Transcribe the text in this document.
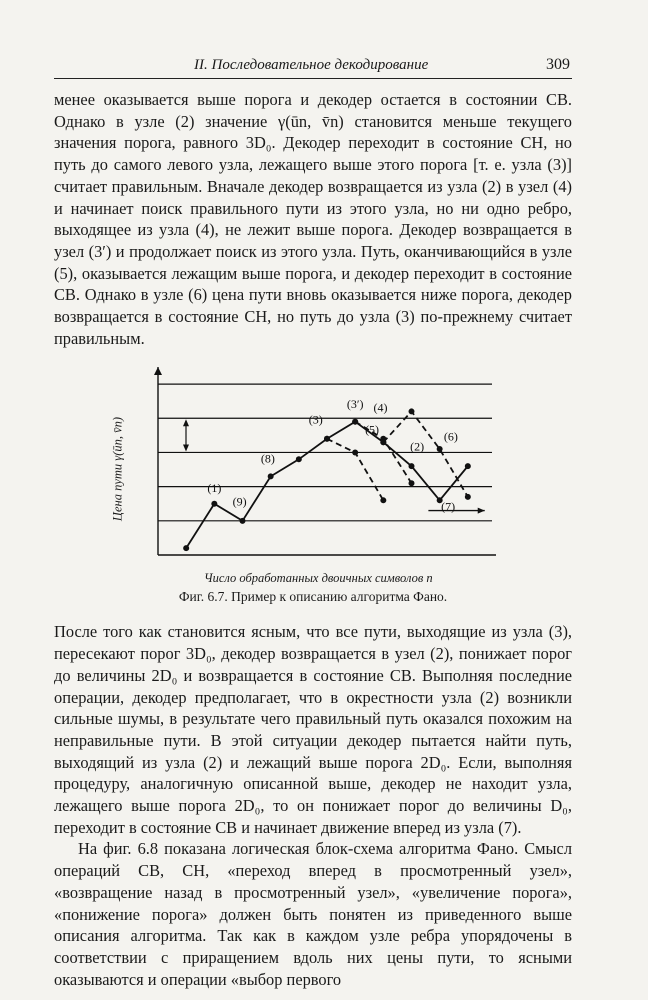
II. Последовательное декодирование	309

менее оказывается выше порога и декодер остается в состоянии СВ. Однако в узле (2) значение γ(ūn, v̄n) становится меньше текущего значения порога, равного 3D₀. Декодер переходит в состояние СН, но путь до самого левого узла, лежащего выше этого порога [т. е. узла (3)] считает правильным. Вначале декодер возвращается из узла (2) в узел (4) и начинает поиск правильного пути из этого узла, но ни одно ребро, выходящее из узла (4), не лежит выше порога. Декодер возвращается в узел (3′) и продолжает поиск из этого узла. Путь, оканчивающийся в узле (5), оказывается лежащим выше порога, и декодер переходит в состояние СВ. Однако в узле (6) цена пути вновь оказывается ниже порога, декодер возвращается в состояние СН, но путь до узла (3) по-прежнему считает правильным.

Цена пути γ(ūn, v̄n)	(1)
(9)
(8)
(3)
(3′) (4)
(5)
(2)
(6)
(7)
Число обработанных двоичных символов n
Фиг. 6.7. Пример к описанию алгоритма Фано.

После того как становится ясным, что все пути, выходящие из узла (3), пересекают порог 3D₀, декодер возвращается в узел (2), понижает порог до величины 2D₀ и возвращается в состояние СВ. Выполняя последние операции, декодер предполагает, что в окрестности узла (2) возникли сильные шумы, в результате чего правильный путь оказался похожим на неправильные пути. В этой ситуации декодер пытается найти путь, выходящий из узла (2) и лежащий выше порога 2D₀. Если, выполняя процедуру, аналогичную описанной выше, декодер не находит узла, лежащего выше порога 2D₀, то он понижает порог до величины D₀, переходит в состояние СВ и начинает движение вперед из узла (7).

На фиг. 6.8 показана логическая блок-схема алгоритма Фано. Смысл операций СВ, СН, «переход вперед в просмотренный узел», «возвращение назад в просмотренный узел», «увеличение порога», «понижение порога» должен быть понятен из приведенного выше описания алгоритма. Так как в каждом узле ребра упорядочены в соответствии с приращением вдоль них цены пути, то ясными оказываются и операции «выбор первого
